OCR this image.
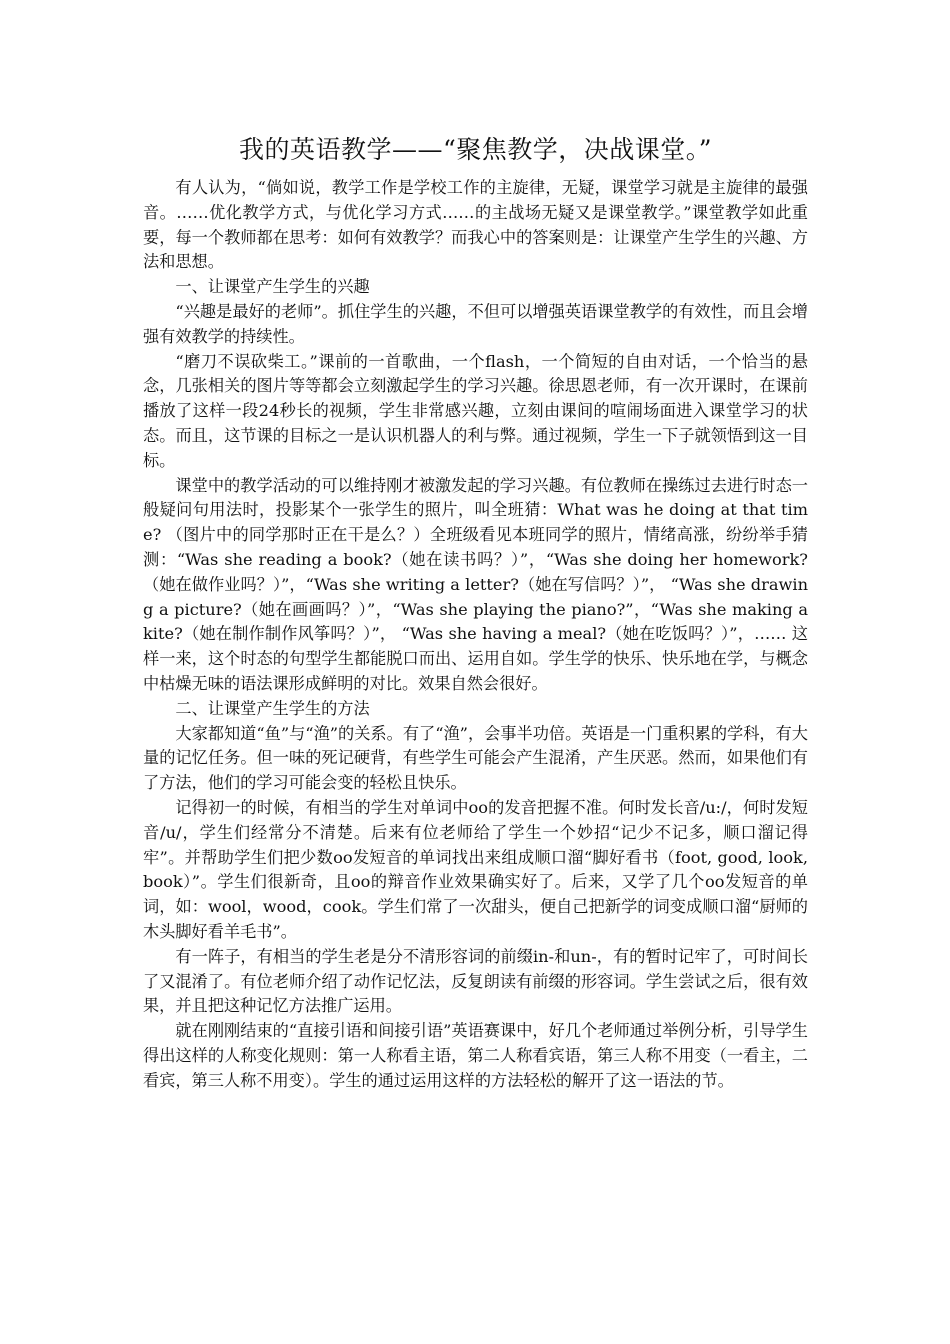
我的英语教学——“聚焦教学，决战课堂。”

有人认为，“倘如说，教学工作是学校工作的主旋律，无疑，课堂学习就是主旋律的最强音。……优化教学方式，与优化学习方式……的主战场无疑又是课堂教学。”课堂教学如此重要，每一个教师都在思考：如何有效教学？而我心中的答案则是：让课堂产生学生的兴趣、方法和思想。

一、让课堂产生学生的兴趣

“兴趣是最好的老师”。抓住学生的兴趣，不但可以增强英语课堂教学的有效性，而且会增强有效教学的持续性。

“磨刀不误砍柴工。”课前的一首歌曲，一个flash，一个简短的自由对话，一个恰当的悬念，几张相关的图片等等都会立刻激起学生的学习兴趣。徐思恩老师，有一次开课时，在课前播放了这样一段24秒长的视频，学生非常感兴趣，立刻由课间的喧闹场面进入课堂学习的状态。而且，这节课的目标之一是认识机器人的利与弊。通过视频，学生一下子就领悟到这一目标。

课堂中的教学活动的可以维持刚才被激发起的学习兴趣。有位教师在操练过去进行时态一般疑问句用法时，投影某个一张学生的照片，叫全班猜：What was he doing at that time? （图片中的同学那时正在干是么？）全班级看见本班同学的照片，情绪高涨，纷纷举手猜测：“Was she reading a book?（她在读书吗？）”，“Was she doing her homework?（她在做作业吗？）”，“Was she writing a letter?（她在写信吗？）”， “Was she drawing a picture?（她在画画吗？）”，“Was she playing the piano?”，“Was she making a kite?（她在制作制作风筝吗？）”， “Was she having a meal?（她在吃饭吗？）”，…… 这样一来，这个时态的句型学生都能脱口而出、运用自如。学生学的快乐、快乐地在学，与概念中枯燥无味的语法课形成鲜明的对比。效果自然会很好。

二、让课堂产生学生的方法

大家都知道“鱼”与“渔”的关系。有了“渔”，会事半功倍。英语是一门重积累的学科，有大量的记忆任务。但一味的死记硬背，有些学生可能会产生混淆，产生厌恶。然而，如果他们有了方法，他们的学习可能会变的轻松且快乐。

记得初一的时候，有相当的学生对单词中oo的发音把握不准。何时发长音/u:/，何时发短音/u/，学生们经常分不清楚。后来有位老师给了学生一个妙招“记少不记多，顺口溜记得牢”。并帮助学生们把少数oo发短音的单词找出来组成顺口溜“脚好看书（foot, good, look, book）”。学生们很新奇，且oo的辩音作业效果确实好了。后来，又学了几个oo发短音的单词，如：wool，wood，cook。学生们常了一次甜头，便自己把新学的词变成顺口溜“厨师的木头脚好看羊毛书”。

有一阵子，有相当的学生老是分不清形容词的前缀in-和un-，有的暂时记牢了，可时间长了又混淆了。有位老师介绍了动作记忆法，反复朗读有前缀的形容词。学生尝试之后，很有效果，并且把这种记忆方法推广运用。

就在刚刚结束的“直接引语和间接引语”英语赛课中，好几个老师通过举例分析，引导学生得出这样的人称变化规则：第一人称看主语，第二人称看宾语，第三人称不用变（一看主，二看宾，第三人称不用变）。学生的通过运用这样的方法轻松的解开了这一语法的节。
